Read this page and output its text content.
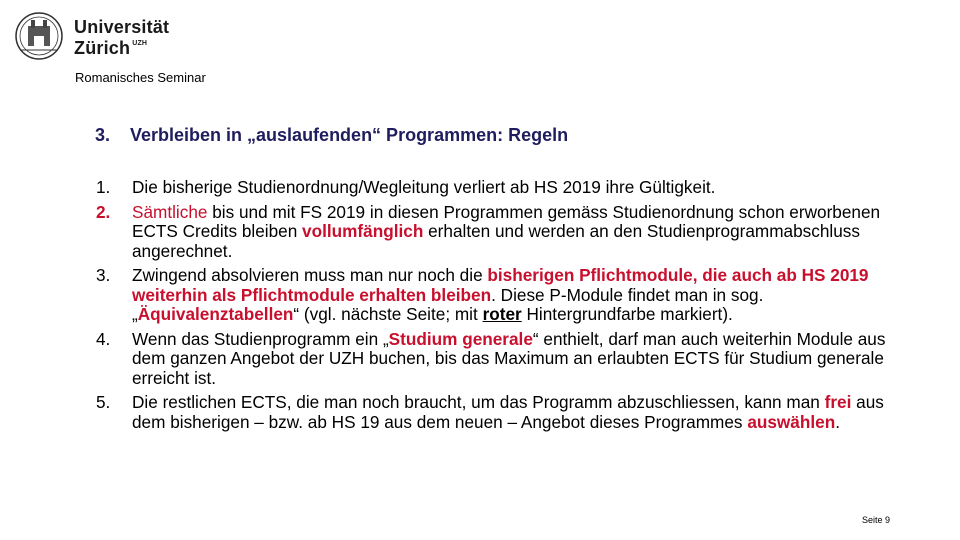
Universität
Zürich $^{UZH}$
Romanisches Seminar
3.	Verbleiben in „auslaufenden“ Programmen: Regeln
1.	Die bisherige Studienordnung/Wegleitung verliert ab HS 2019 ihre Gültigkeit.
2.	Sämtliche bis und mit FS 2019 in diesen Programmen gemäss Studienordnung schon erworbenen ECTS Credits bleiben vollumfänglich erhalten und werden an den Studienprogrammabschluss angerechnet.
3.	Zwingend absolvieren muss man nur noch die bisherigen Pflichtmodule, die auch ab HS 2019 weiterhin als Pflichtmodule erhalten bleiben. Diese P-Module findet man in sog. „Äquivalenztabellen“ (vgl. nächste Seite; mit roter Hintergrundfarbe markiert).
4.	Wenn das Studienprogramm ein „Studium generale“ enthielt, darf man auch weiterhin Module aus dem ganzen Angebot der UZH buchen, bis das Maximum an erlaubten ECTS für Studium generale erreicht ist.
5.	Die restlichen ECTS, die man noch braucht, um das Programm abzuschliessen, kann man frei aus dem bisherigen – bzw. ab HS 19 aus dem neuen – Angebot dieses Programmes auswählen.
Seite 9
